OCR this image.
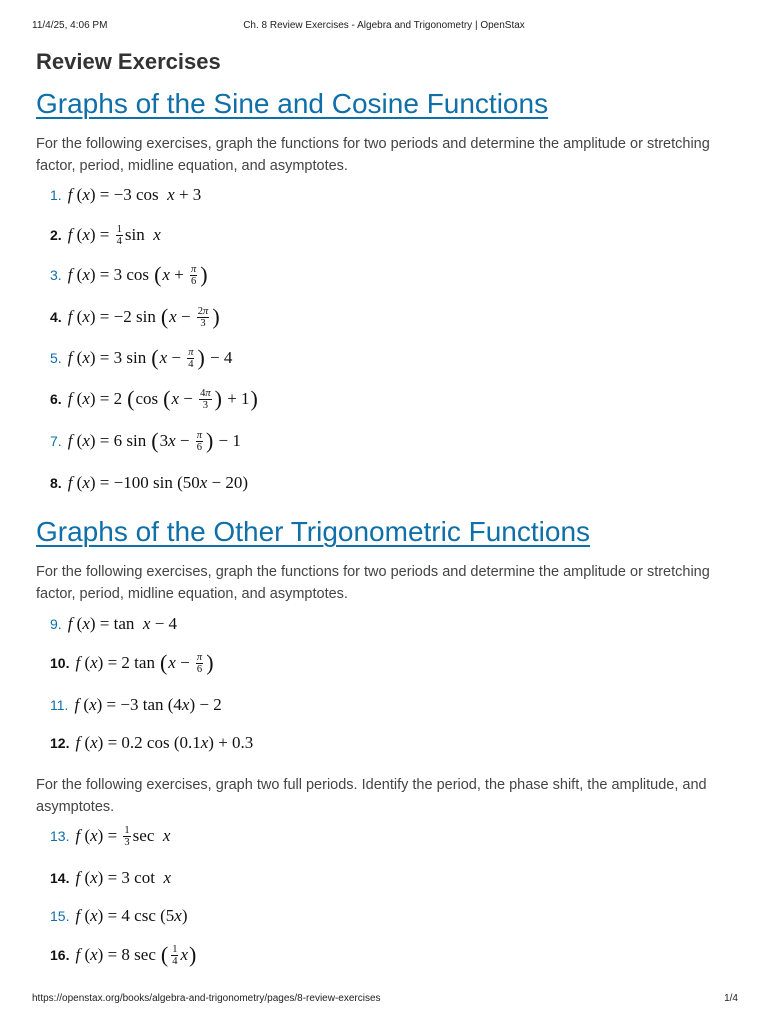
11/4/25, 4:06 PM	Ch. 8 Review Exercises - Algebra and Trigonometry | OpenStax
Review Exercises
Graphs of the Sine and Cosine Functions

For the following exercises, graph the functions for two periods and determine the amplitude or stretching factor, period, midline equation, and asymptotes.

1. f ( x ) = −3 cos x + 3
2. f ( x ) = $\frac{1}{4}$ sin x
3. f ( x ) = 3 cos ( $x + \frac{\pi}{6}$ )
4. f ( x ) = −2 sin ( $x - \frac{2\pi}{3}$ )
5. f ( x ) = 3 sin ( $x - \frac{\pi}{4}$ ) − 4
6. f ( x ) = 2 ( cos ( $x - \frac{4\pi}{3}$ ) + 1 )
7. f ( x ) = 6 sin ( 3 $x - \frac{\pi}{6}$ ) − 1
8. f ( x ) = −100 sin (50 x − 20)
Graphs of the Other Trigonometric Functions

For the following exercises, graph the functions for two periods and determine the amplitude or stretching factor, period, midline equation, and asymptotes.

9. f ( x ) = tan x − 4
10. f ( x ) = 2 tan ( $x - \frac{\pi}{6}$ )
11. f ( x ) = −3 tan (4 x ) − 2
12. f ( x ) = 0.2 cos (0.1 x ) + 0.3

For the following exercises, graph two full periods. Identify the period, the phase shift, the amplitude, and asymptotes.

13. f ( x ) = $\frac{1}{3}$ sec x
14. f ( x ) = 3 cot x
15. f ( x ) = 4 csc (5 x )
16. f ( x ) = 8 sec ( $\frac{1}{4}$ x )
https://openstax.org/books/algebra-and-trigonometry/pages/8-review-exercises	1/4
